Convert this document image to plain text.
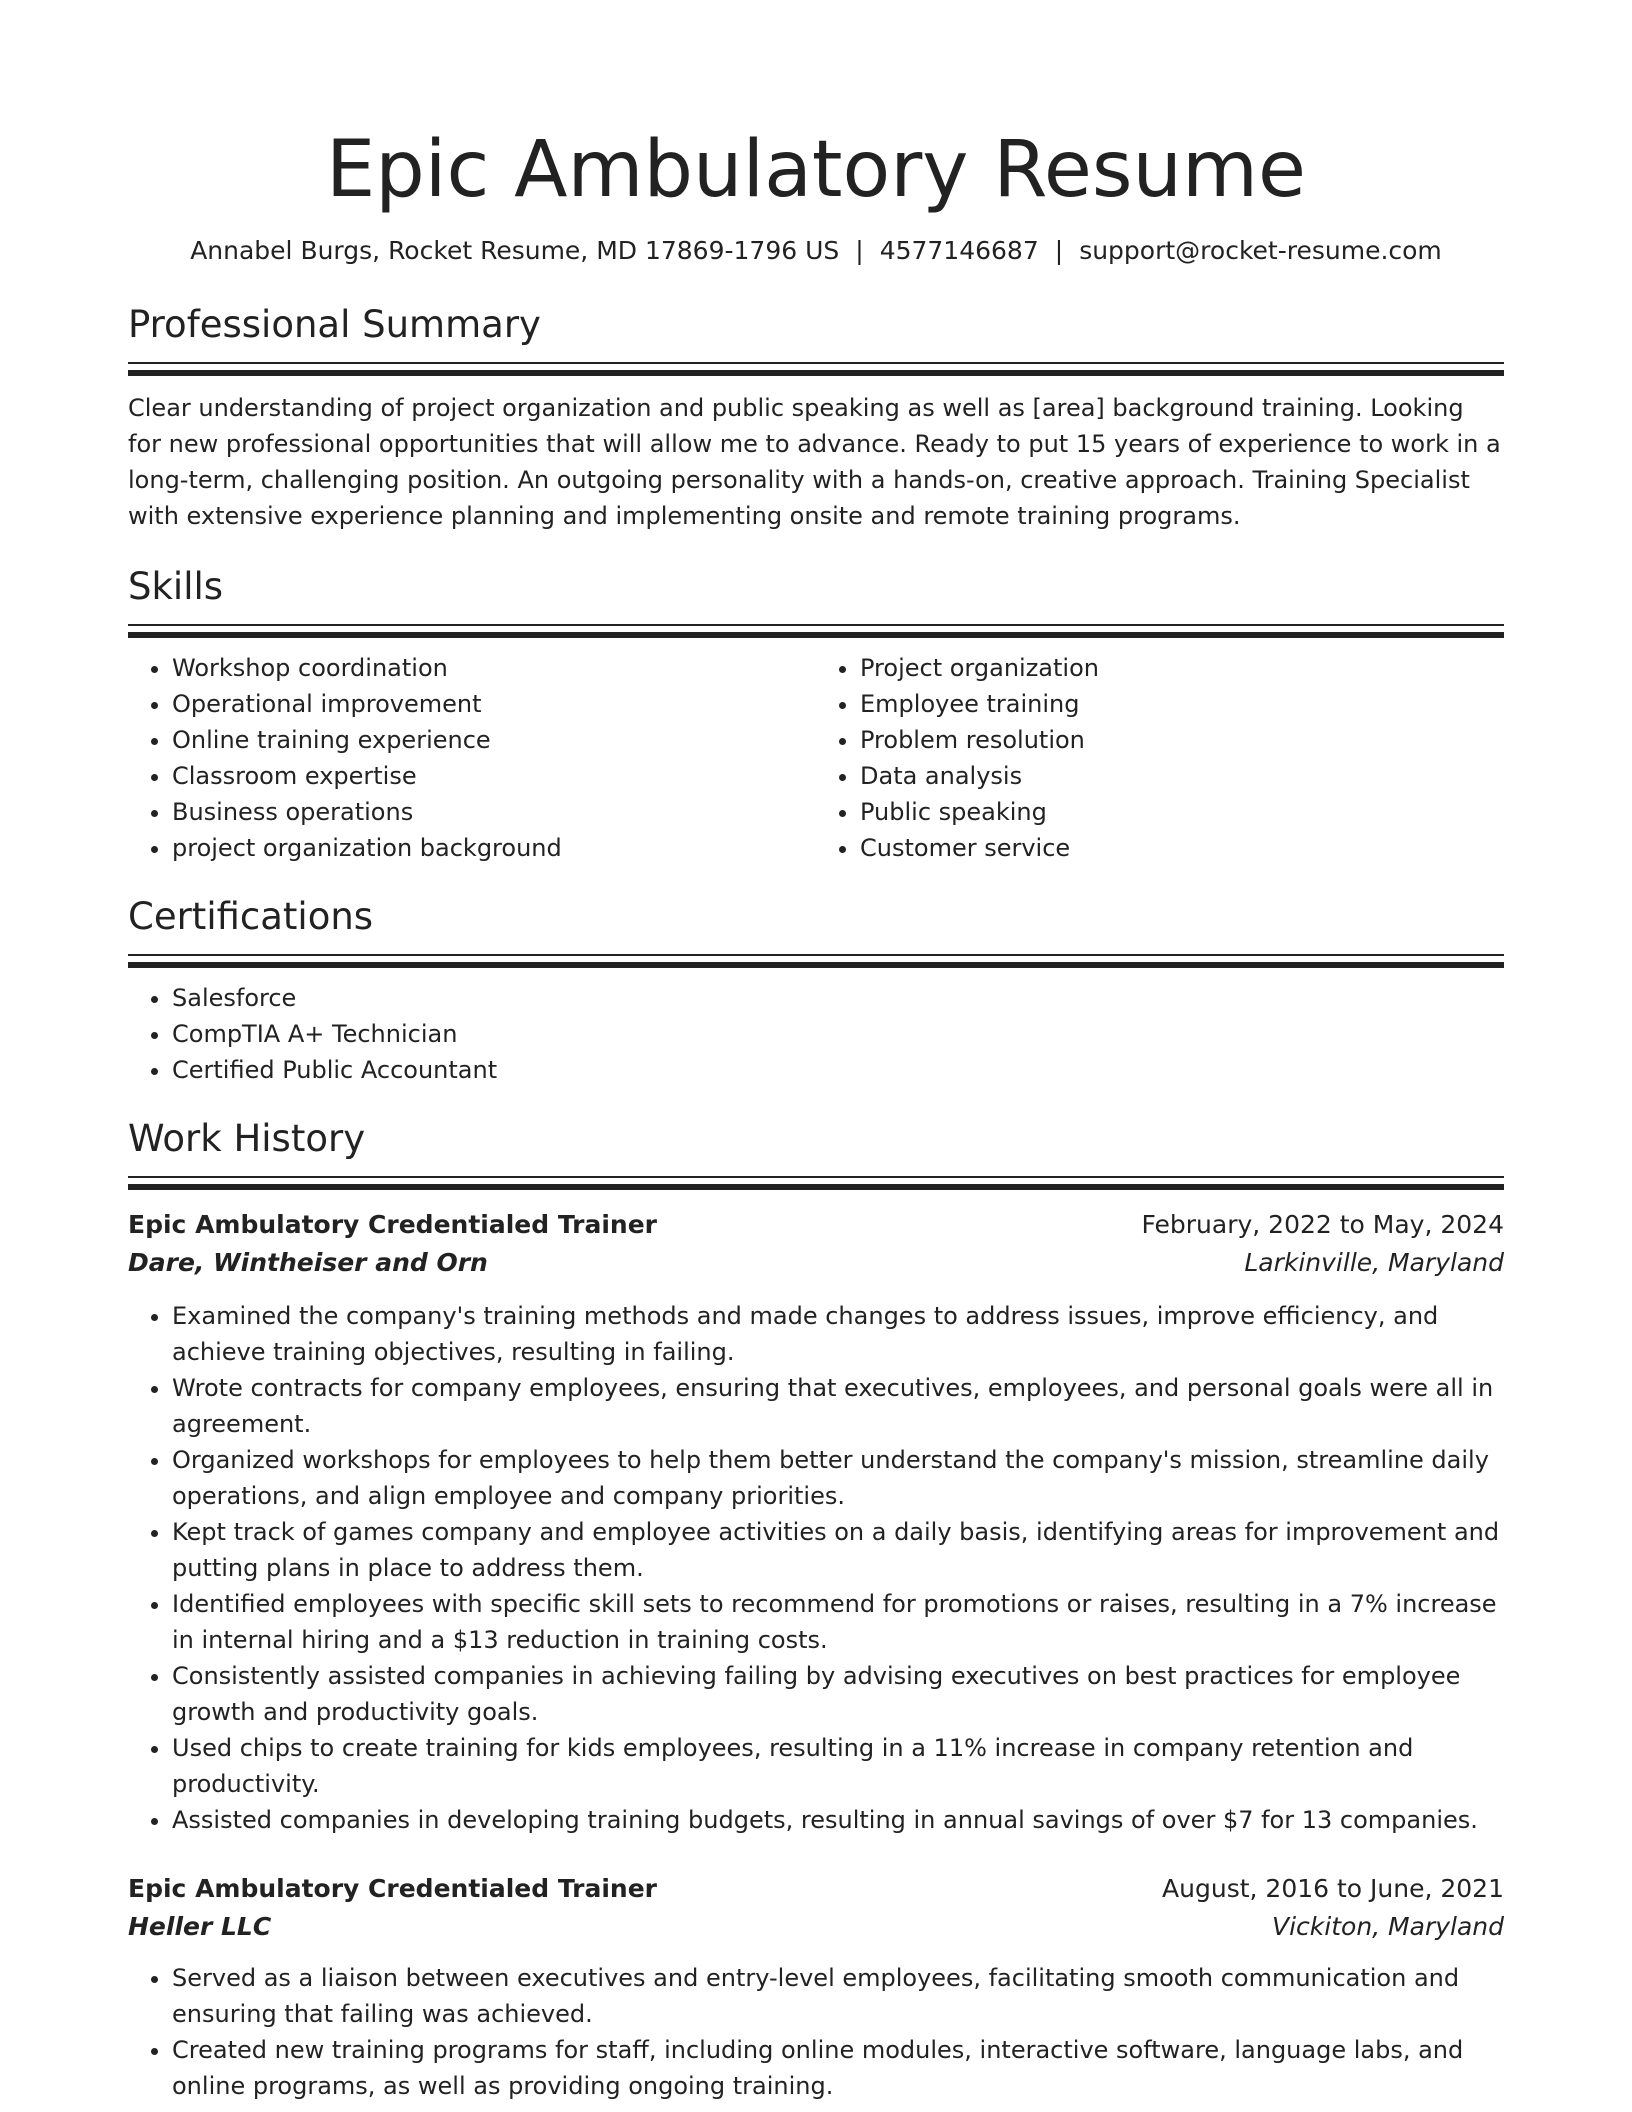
Epic Ambulatory Resume
Annabel Burgs, Rocket Resume, MD 17869-1796 US | 4577146687 | support@rocket-resume.com
Professional Summary
Clear understanding of project organization and public speaking as well as [area] background training. Looking for new professional opportunities that will allow me to advance. Ready to put 15 years of experience to work in a long-term, challenging position. An outgoing personality with a hands-on, creative approach. Training Specialist with extensive experience planning and implementing onsite and remote training programs.
Skills
• Workshop coordination
• Operational improvement
• Online training experience
• Classroom expertise
• Business operations
• project organization background
• Project organization
• Employee training
• Problem resolution
• Data analysis
• Public speaking
• Customer service
Certifications
• Salesforce
• CompTIA A+ Technician
• Certified Public Accountant
Work History
Epic Ambulatory Credentialed Trainer	February, 2022 to May, 2024
Dare, Wintheiser and Orn	Larkinville, Maryland
• Examined the company's training methods and made changes to address issues, improve efficiency, and achieve training objectives, resulting in failing.
• Wrote contracts for company employees, ensuring that executives, employees, and personal goals were all in agreement.
• Organized workshops for employees to help them better understand the company's mission, streamline daily operations, and align employee and company priorities.
• Kept track of games company and employee activities on a daily basis, identifying areas for improvement and putting plans in place to address them.
• Identified employees with specific skill sets to recommend for promotions or raises, resulting in a 7% increase in internal hiring and a $13 reduction in training costs.
• Consistently assisted companies in achieving failing by advising executives on best practices for employee growth and productivity goals.
• Used chips to create training for kids employees, resulting in a 11% increase in company retention and productivity.
• Assisted companies in developing training budgets, resulting in annual savings of over $7 for 13 companies.
Epic Ambulatory Credentialed Trainer	August, 2016 to June, 2021
Heller LLC	Vickiton, Maryland
• Served as a liaison between executives and entry-level employees, facilitating smooth communication and ensuring that failing was achieved.
• Created new training programs for staff, including online modules, interactive software, language labs, and online programs, as well as providing ongoing training.
